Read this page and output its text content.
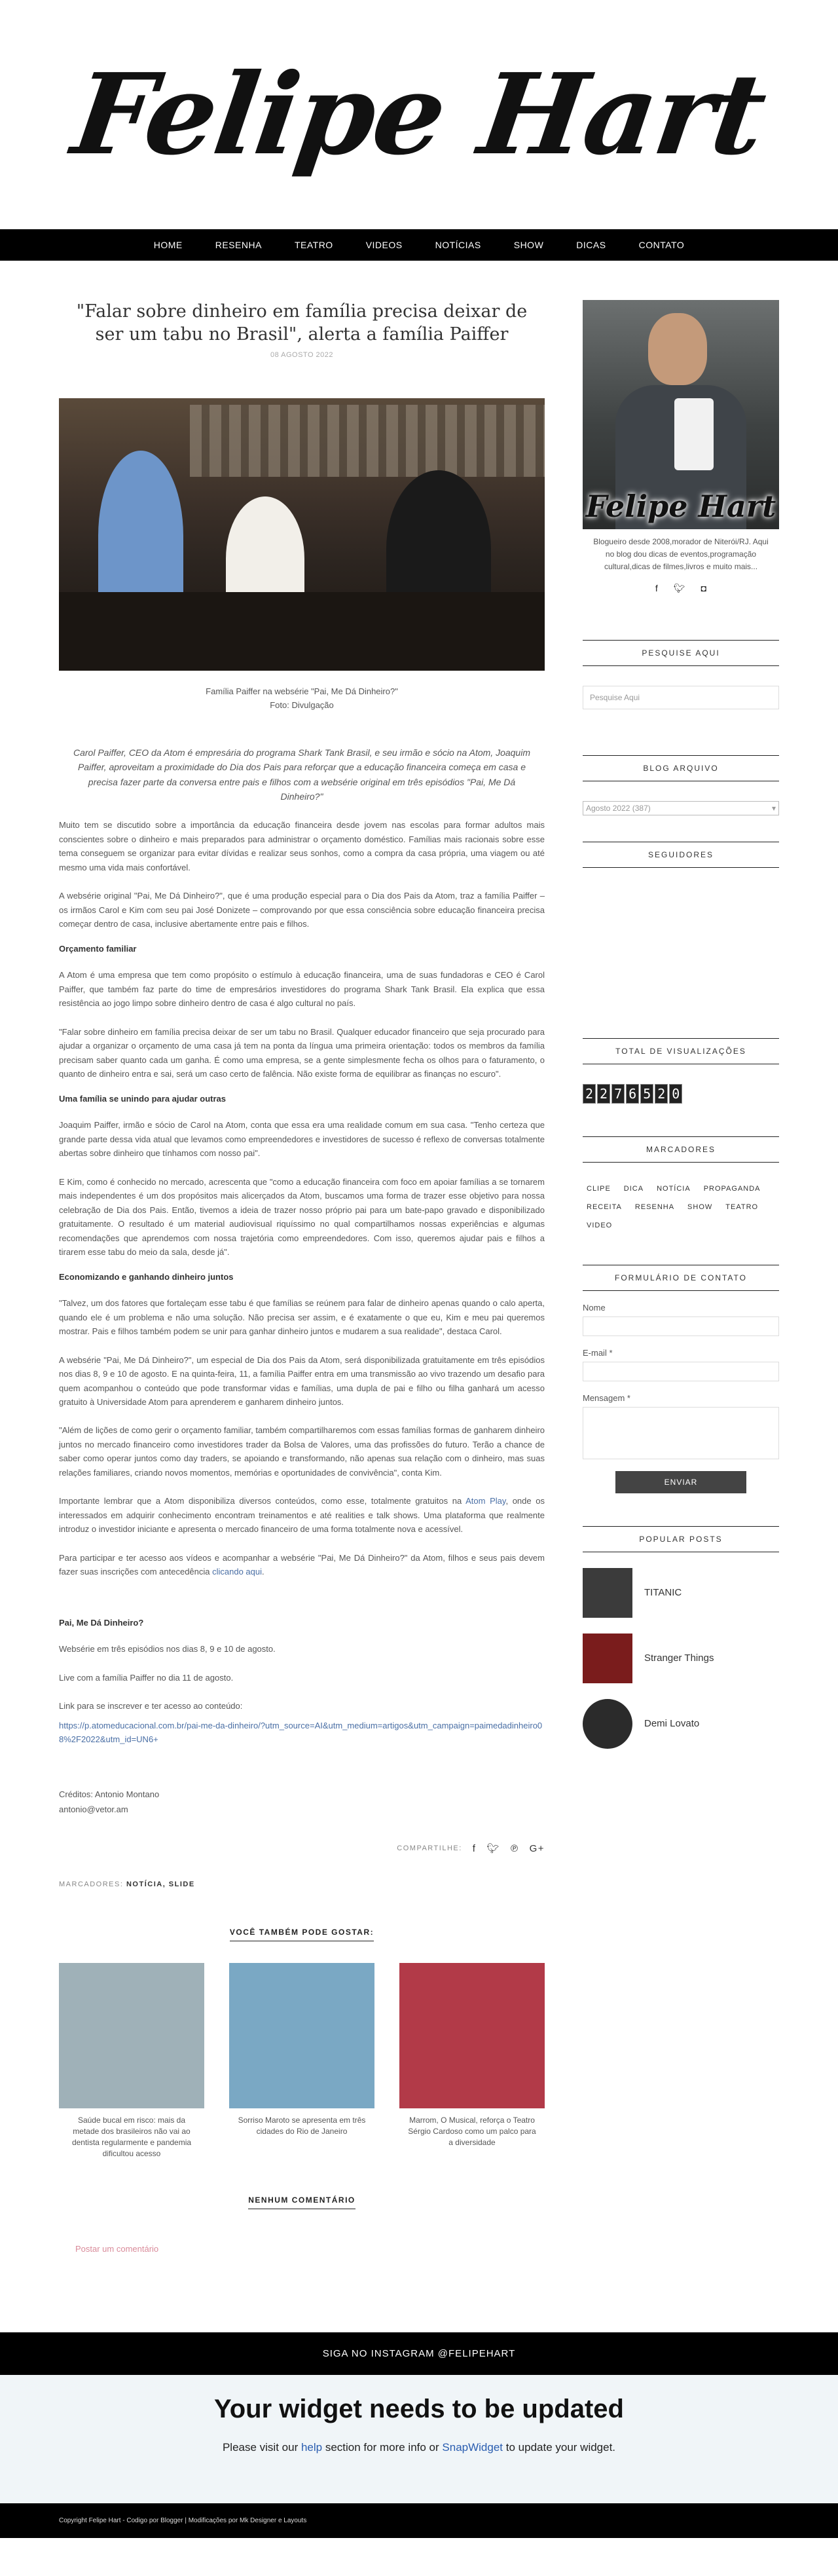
Felipe Hart
HOME	RESENHA	TEATRO	VIDEOS	NOTÍCIAS	SHOW	DICAS	CONTATO
"Falar sobre dinheiro em família precisa deixar de ser um tabu no Brasil", alerta a família Paiffer
08 AGOSTO 2022
Família Paiffer na websérie "Pai, Me Dá Dinheiro?"
Foto: Divulgação

Carol Paiffer, CEO da Atom é empresária do programa Shark Tank Brasil, e seu irmão e sócio na Atom, Joaquim Paiffer, aproveitam a proximidade do Dia dos Pais para reforçar que a educação financeira começa em casa e precisa fazer parte da conversa entre pais e filhos com a websérie original em três episódios "Pai, Me Dá Dinheiro?"

Muito tem se discutido sobre a importância da educação financeira desde jovem nas escolas para formar adultos mais conscientes sobre o dinheiro e mais preparados para administrar o orçamento doméstico. Famílias mais racionais sobre esse tema conseguem se organizar para evitar dívidas e realizar seus sonhos, como a compra da casa própria, uma viagem ou até mesmo uma vida mais confortável.

A websérie original "Pai, Me Dá Dinheiro?", que é uma produção especial para o Dia dos Pais da Atom, traz a família Paiffer – os irmãos Carol e Kim com seu pai José Donizete – comprovando por que essa consciência sobre educação financeira precisa começar dentro de casa, inclusive abertamente entre pais e filhos.

Orçamento familiar

A Atom é uma empresa que tem como propósito o estímulo à educação financeira, uma de suas fundadoras e CEO é Carol Paiffer, que também faz parte do time de empresários investidores do programa Shark Tank Brasil. Ela explica que essa resistência ao jogo limpo sobre dinheiro dentro de casa é algo cultural no país.

"Falar sobre dinheiro em família precisa deixar de ser um tabu no Brasil. Qualquer educador financeiro que seja procurado para ajudar a organizar o orçamento de uma casa já tem na ponta da língua uma primeira orientação: todos os membros da família precisam saber quanto cada um ganha. É como uma empresa, se a gente simplesmente fecha os olhos para o faturamento, o quanto de dinheiro entra e sai, será um caso certo de falência. Não existe forma de equilibrar as finanças no escuro".

Uma família se unindo para ajudar outras

Joaquim Paiffer, irmão e sócio de Carol na Atom, conta que essa era uma realidade comum em sua casa. "Tenho certeza que grande parte dessa vida atual que levamos como empreendedores e investidores de sucesso é reflexo de conversas totalmente abertas sobre dinheiro que tínhamos com nosso pai".

E Kim, como é conhecido no mercado, acrescenta que "como a educação financeira com foco em apoiar famílias a se tornarem mais independentes é um dos propósitos mais alicerçados da Atom, buscamos uma forma de trazer esse objetivo para nossa celebração de Dia dos Pais. Então, tivemos a ideia de trazer nosso próprio pai para um bate-papo gravado e disponibilizado gratuitamente. O resultado é um material audiovisual riquíssimo no qual compartilhamos nossas experiências e algumas recomendações que aprendemos com nossa trajetória como empreendedores. Com isso, queremos ajudar pais e filhos a tirarem esse tabu do meio da sala, desde já".

Economizando e ganhando dinheiro juntos

"Talvez, um dos fatores que fortaleçam esse tabu é que famílias se reúnem para falar de dinheiro apenas quando o calo aperta, quando ele é um problema e não uma solução. Não precisa ser assim, e é exatamente o que eu, Kim e meu pai queremos mostrar. Pais e filhos também podem se unir para ganhar dinheiro juntos e mudarem a sua realidade", destaca Carol.

A websérie "Pai, Me Dá Dinheiro?", um especial de Dia dos Pais da Atom, será disponibilizada gratuitamente em três episódios nos dias 8, 9 e 10 de agosto. E na quinta-feira, 11, a família Paiffer entra em uma transmissão ao vivo trazendo um desafio para quem acompanhou o conteúdo que pode transformar vidas e famílias, uma dupla de pai e filho ou filha ganhará um acesso gratuito à Universidade Atom para aprenderem e ganharem dinheiro juntos.

"Além de lições de como gerir o orçamento familiar, também compartilharemos com essas famílias formas de ganharem dinheiro juntos no mercado financeiro como investidores trader da Bolsa de Valores, uma das profissões do futuro. Terão a chance de saber como operar juntos como day traders, se apoiando e transformando, não apenas sua relação com o dinheiro, mas suas relações familiares, criando novos momentos, memórias e oportunidades de convivência", conta Kim.

Importante lembrar que a Atom disponibiliza diversos conteúdos, como esse, totalmente gratuitos na Atom Play, onde os interessados em adquirir conhecimento encontram treinamentos e até realities e talk shows. Uma plataforma que realmente introduz o investidor iniciante e apresenta o mercado financeiro de uma forma totalmente nova e acessível.

Para participar e ter acesso aos vídeos e acompanhar a websérie "Pai, Me Dá Dinheiro?" da Atom, filhos e seus pais devem fazer suas inscrições com antecedência clicando aqui.

Pai, Me Dá Dinheiro?

Websérie em três episódios nos dias 8, 9 e 10 de agosto.

Live com a família Paiffer no dia 11 de agosto.

Link para se inscrever e ter acesso ao conteúdo:

https://p.atomeducacional.com.br/pai-me-da-dinheiro/?utm_source=AI&utm_medium=artigos&utm_campaign=paimedadinheiro08%2F2022&utm_id=UN6+

Créditos: Antonio Montano

antonio@vetor.am

COMPARTILHE: f 🐦︎ ℗ G+
MARCADORES: NOTÍCIA, SLIDE
VOCÊ TAMBÉM PODE GOSTAR:
Saúde bucal em risco: mais da metade dos brasileiros não vai ao dentista regularmente e pandemia dificultou acesso
Sorriso Maroto se apresenta em três cidades do Rio de Janeiro
Marrom, O Musical, reforça o Teatro Sérgio Cardoso como um palco para a diversidade
NENHUM COMENTÁRIO
Postar um comentário
Felipe Hart

Blogueiro desde 2008,morador de Niterói/RJ. Aqui no blog dou dicas de eventos,programação cultural,dicas de filmes,livros e muito mais...

f 🐦︎ ◘
PESQUISE AQUI
Pesquise Aqui
BLOG ARQUIVO
Agosto 2022 (387)	▾
SEGUIDORES
TOTAL DE VISUALIZAÇÕES
2 2 7 6 5 2 0
MARCADORES
CLIPE	DICA	NOTÍCIA	PROPAGANDA
RECEITA	RESENHA	SHOW	TEATRO
VIDEO
FORMULÁRIO DE CONTATO
Nome
E-mail *
Mensagem *
ENVIAR
POPULAR POSTS
TITANIC
Stranger Things
Demi Lovato
SIGA NO INSTAGRAM @FELIPEHART
Your widget needs to be updated

Please visit our help section for more info or SnapWidget to update your widget.

Copyright Felipe Hart - Codigo por Blogger | Modificações por Mk Designer e Layouts
